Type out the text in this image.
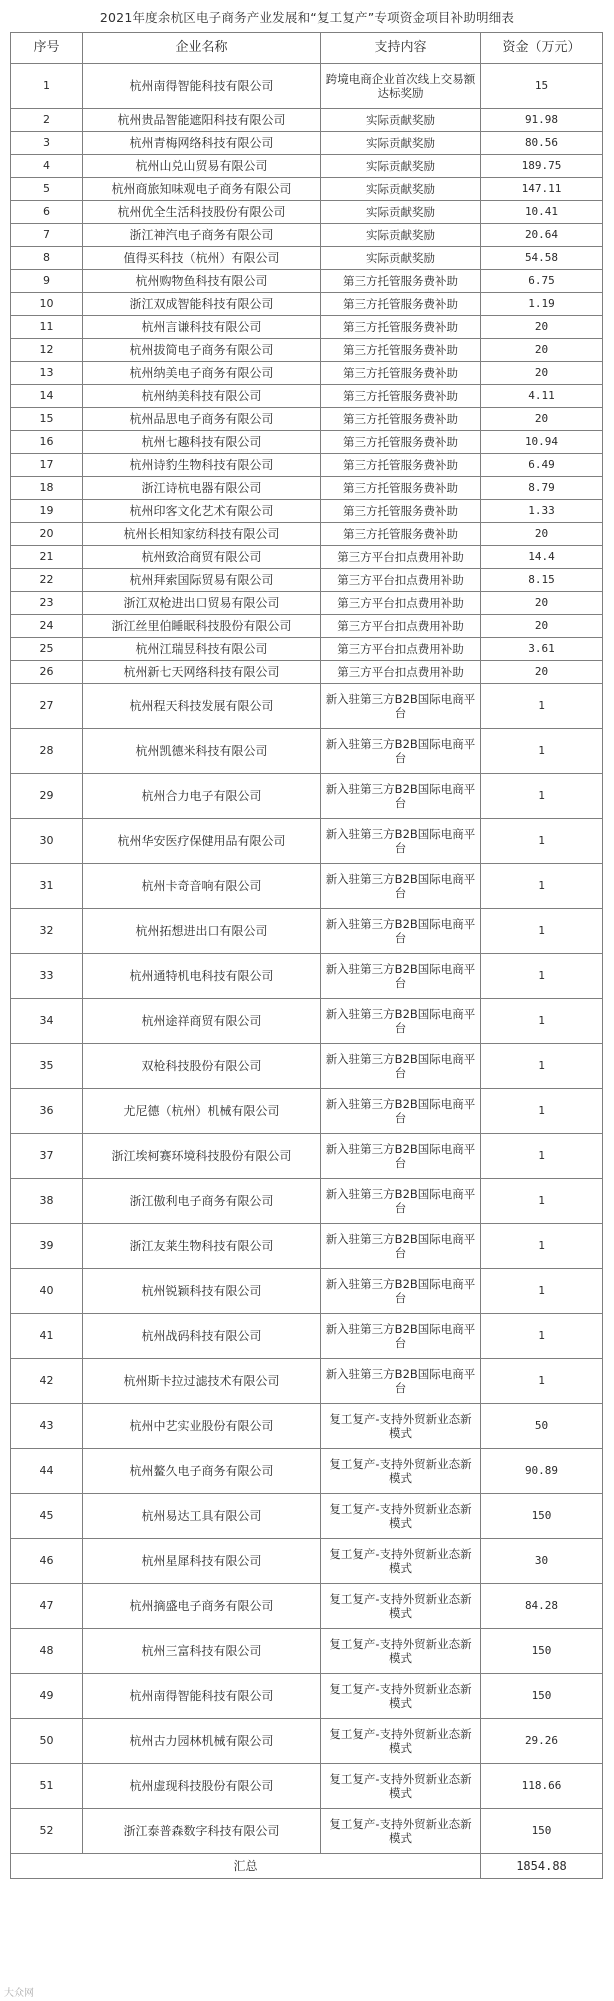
2021年度余杭区电子商务产业发展和“复工复产”专项资金项目补助明细表
序号	企业名称	支持内容	资金（万元）
1	杭州南得智能科技有限公司	跨境电商企业首次线上交易额达标奖励	15
2	杭州贵品智能遮阳科技有限公司	实际贡献奖励	91.98
3	杭州青梅网络科技有限公司	实际贡献奖励	80.56
4	杭州山兑山贸易有限公司	实际贡献奖励	189.75
5	杭州商旅知味观电子商务有限公司	实际贡献奖励	147.11
6	杭州优全生活科技股份有限公司	实际贡献奖励	10.41
7	浙江神汽电子商务有限公司	实际贡献奖励	20.64
8	值得买科技（杭州）有限公司	实际贡献奖励	54.58
9	杭州购物鱼科技有限公司	第三方托管服务费补助	6.75
10	浙江双成智能科技有限公司	第三方托管服务费补助	1.19
11	杭州言谦科技有限公司	第三方托管服务费补助	20
12	杭州拔简电子商务有限公司	第三方托管服务费补助	20
13	杭州纳美电子商务有限公司	第三方托管服务费补助	20
14	杭州纳美科技有限公司	第三方托管服务费补助	4.11
15	杭州品思电子商务有限公司	第三方托管服务费补助	20
16	杭州七趣科技有限公司	第三方托管服务费补助	10.94
17	杭州诗豹生物科技有限公司	第三方托管服务费补助	6.49
18	浙江诗杭电器有限公司	第三方托管服务费补助	8.79
19	杭州印客文化艺术有限公司	第三方托管服务费补助	1.33
20	杭州长相知家纺科技有限公司	第三方托管服务费补助	20
21	杭州致洽商贸有限公司	第三方平台扣点费用补助	14.4
22	杭州拜索国际贸易有限公司	第三方平台扣点费用补助	8.15
23	浙江双枪进出口贸易有限公司	第三方平台扣点费用补助	20
24	浙江丝里伯睡眠科技股份有限公司	第三方平台扣点费用补助	20
25	杭州江瑞昱科技有限公司	第三方平台扣点费用补助	3.61
26	杭州新七天网络科技有限公司	第三方平台扣点费用补助	20
27	杭州程天科技发展有限公司	新入驻第三方B2B国际电商平台	1
28	杭州凯德米科技有限公司	新入驻第三方B2B国际电商平台	1
29	杭州合力电子有限公司	新入驻第三方B2B国际电商平台	1
30	杭州华安医疗保健用品有限公司	新入驻第三方B2B国际电商平台	1
31	杭州卡奇音响有限公司	新入驻第三方B2B国际电商平台	1
32	杭州拓想进出口有限公司	新入驻第三方B2B国际电商平台	1
33	杭州通特机电科技有限公司	新入驻第三方B2B国际电商平台	1
34	杭州途祥商贸有限公司	新入驻第三方B2B国际电商平台	1
35	双枪科技股份有限公司	新入驻第三方B2B国际电商平台	1
36	尤尼德（杭州）机械有限公司	新入驻第三方B2B国际电商平台	1
37	浙江埃柯赛环境科技股份有限公司	新入驻第三方B2B国际电商平台	1
38	浙江傲利电子商务有限公司	新入驻第三方B2B国际电商平台	1
39	浙江友莱生物科技有限公司	新入驻第三方B2B国际电商平台	1
40	杭州锐颖科技有限公司	新入驻第三方B2B国际电商平台	1
41	杭州战码科技有限公司	新入驻第三方B2B国际电商平台	1
42	杭州斯卡拉过滤技术有限公司	新入驻第三方B2B国际电商平台	1
43	杭州中艺实业股份有限公司	复工复产-支持外贸新业态新模式	50
44	杭州鳌久电子商务有限公司	复工复产-支持外贸新业态新模式	90.89
45	杭州易达工具有限公司	复工复产-支持外贸新业态新模式	150
46	杭州星犀科技有限公司	复工复产-支持外贸新业态新模式	30
47	杭州摘盛电子商务有限公司	复工复产-支持外贸新业态新模式	84.28
48	杭州三富科技有限公司	复工复产-支持外贸新业态新模式	150
49	杭州南得智能科技有限公司	复工复产-支持外贸新业态新模式	150
50	杭州古力园林机械有限公司	复工复产-支持外贸新业态新模式	29.26
51	杭州虚现科技股份有限公司	复工复产-支持外贸新业态新模式	118.66
52	浙江泰普森数字科技有限公司	复工复产-支持外贸新业态新模式	150
汇总			1854.88
大众网
